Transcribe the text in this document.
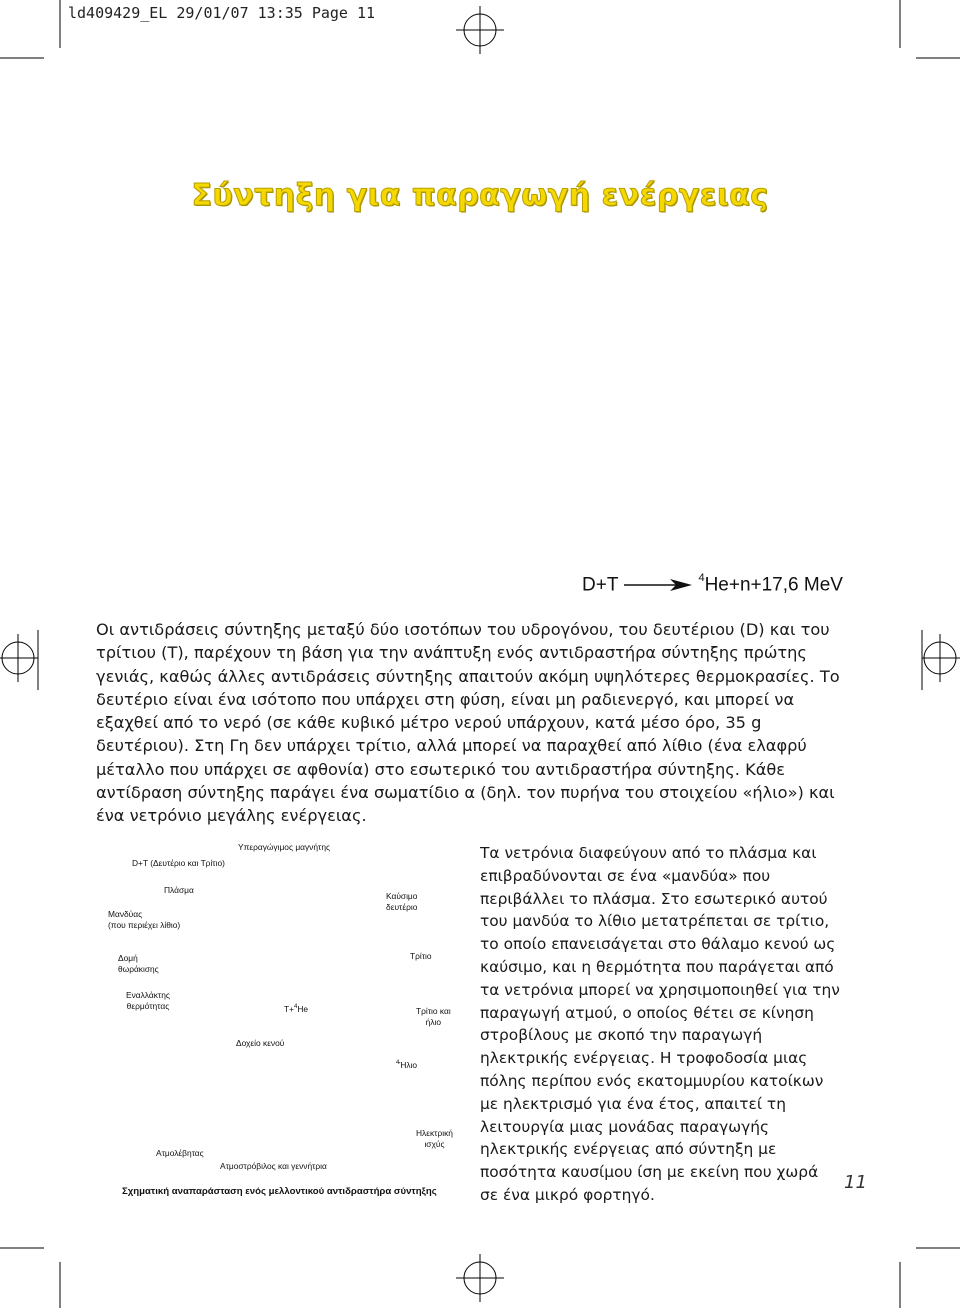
ld409429_EL 29/01/07 13:35 Page 11
Σύντηξη για παραγωγή ενέργειας
D+T	$^4$He+n+17,6 MeV
Οι αντιδράσεις σύντηξης μεταξύ δύο ισοτόπων του υδρογόνου, του δευτέριου (D) και του τρίτιου (T), παρέχουν τη βάση για την ανάπτυξη ενός αντιδραστήρα σύντηξης πρώτης γενιάς, καθώς άλλες αντιδράσεις σύντηξης απαιτούν ακόμη υψηλότερες θερμοκρασίες. Το δευτέριο είναι ένα ισότοπο που υπάρχει στη φύση, είναι μη ραδιενεργό, και μπορεί να εξαχθεί από το νερό (σε κάθε κυβικό μέτρο νερού υπάρχουν, κατά μέσο όρο, 35 g δευτέριου). Στη Γη δεν υπάρχει τρίτιο, αλλά μπορεί να παραχθεί από λίθιο (ένα ελαφρύ μέταλλο που υπάρχει σε αφθονία) στο εσωτερικό του αντιδραστήρα σύντηξης. Κάθε αντίδραση σύντηξης παράγει ένα σωματίδιο α (δηλ. τον πυρήνα του στοιχείου «ήλιο») και ένα νετρόνιο μεγάλης ενέργειας.
Υπεραγώγιμος μαγνήτης
D+T (Δευτέριο και Τρίτιο)
Πλάσμα
Καύσιμο
δευτέριο
Μανδύας
(που περιέχει λίθιο)
Τρίτιο
Δομή
θωράκισης
Εναλλάκτης
θερμότητας	T+$^4$He	Τρίτιο και
ήλιο
Δοχείο κενού
$^4$Ήλιο
Ηλεκτρική
ισχύς
Ατμολέβητας
Ατμοστρόβιλος και γεννήτρια
Σχηματική αναπαράσταση ενός μελλοντικού αντιδραστήρα σύντηξης
Τα νετρόνια διαφεύγουν από το πλάσμα και επιβραδύνονται σε ένα «μανδύα» που περιβάλλει το πλάσμα. Στο εσωτερικό αυτού του μανδύα το λίθιο μετατρέπεται σε τρίτιο, το οποίο επανεισάγεται στο θάλαμο κενού ως καύσιμο, και η θερμότητα που παράγεται από τα νετρόνια μπορεί να χρησιμοποιηθεί για την παραγωγή ατμού, ο οποίος θέτει σε κίνηση στροβίλους με σκοπό την παραγωγή ηλεκτρικής ενέργειας. Η τροφοδοσία μιας πόλης περίπου ενός εκατομμυρίου κατοίκων με ηλεκτρισμό για ένα έτος, απαιτεί τη λειτουργία μιας μονάδας παραγωγής ηλεκτρικής ενέργειας από σύντηξη με ποσότητα καυσίμου ίση με εκείνη που χωρά σε ένα μικρό φορτηγό.
11
